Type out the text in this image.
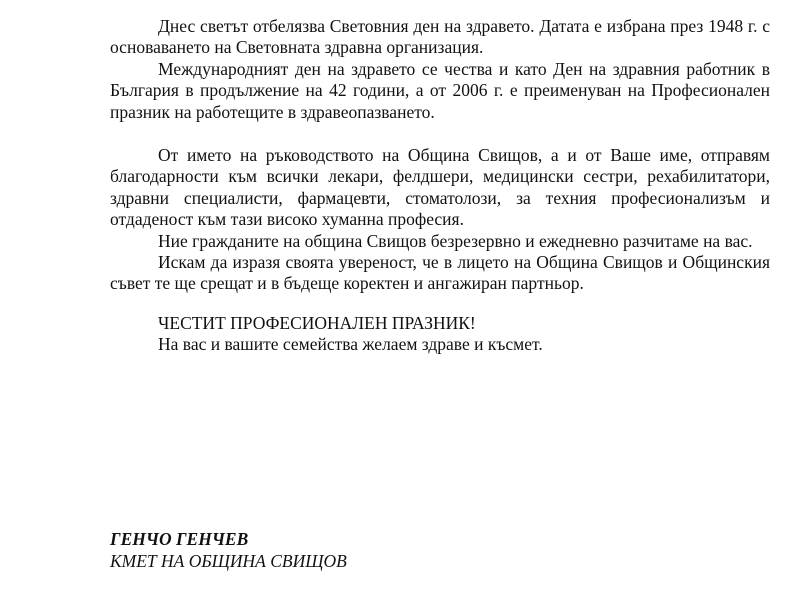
Днес светът отбелязва Световния ден на здравето. Датата е избрана през 1948 г. с основаването на Световната здравна организация.

Международният ден на здравето се чества и като Ден на здравния работник в България в продължение на 42 години, а от 2006 г. е преименуван на Професионален празник на работещите в здравеопазването.

От името на ръководството на Община Свищов, а и от Ваше име, отправям благодарности към всички лекари, фелдшери, медицински сестри, рехабилитатори, здравни специалисти, фармацевти, стоматолози, за техния професионализъм и отдаденост към тази високо хуманна професия.

Ние гражданите на община Свищов безрезервно и ежедневно разчитаме на вас.

Искам да изразя своята увереност, че в лицето на Община Свищов и Общинския съвет те ще срещат и в бъдеще коректен и ангажиран партньор.

ЧЕСТИТ ПРОФЕСИОНАЛЕН ПРАЗНИК!

На вас и вашите семейства желаем здраве и късмет.

ГЕНЧО ГЕНЧЕВ
КМЕТ НА ОБЩИНА СВИЩОВ
